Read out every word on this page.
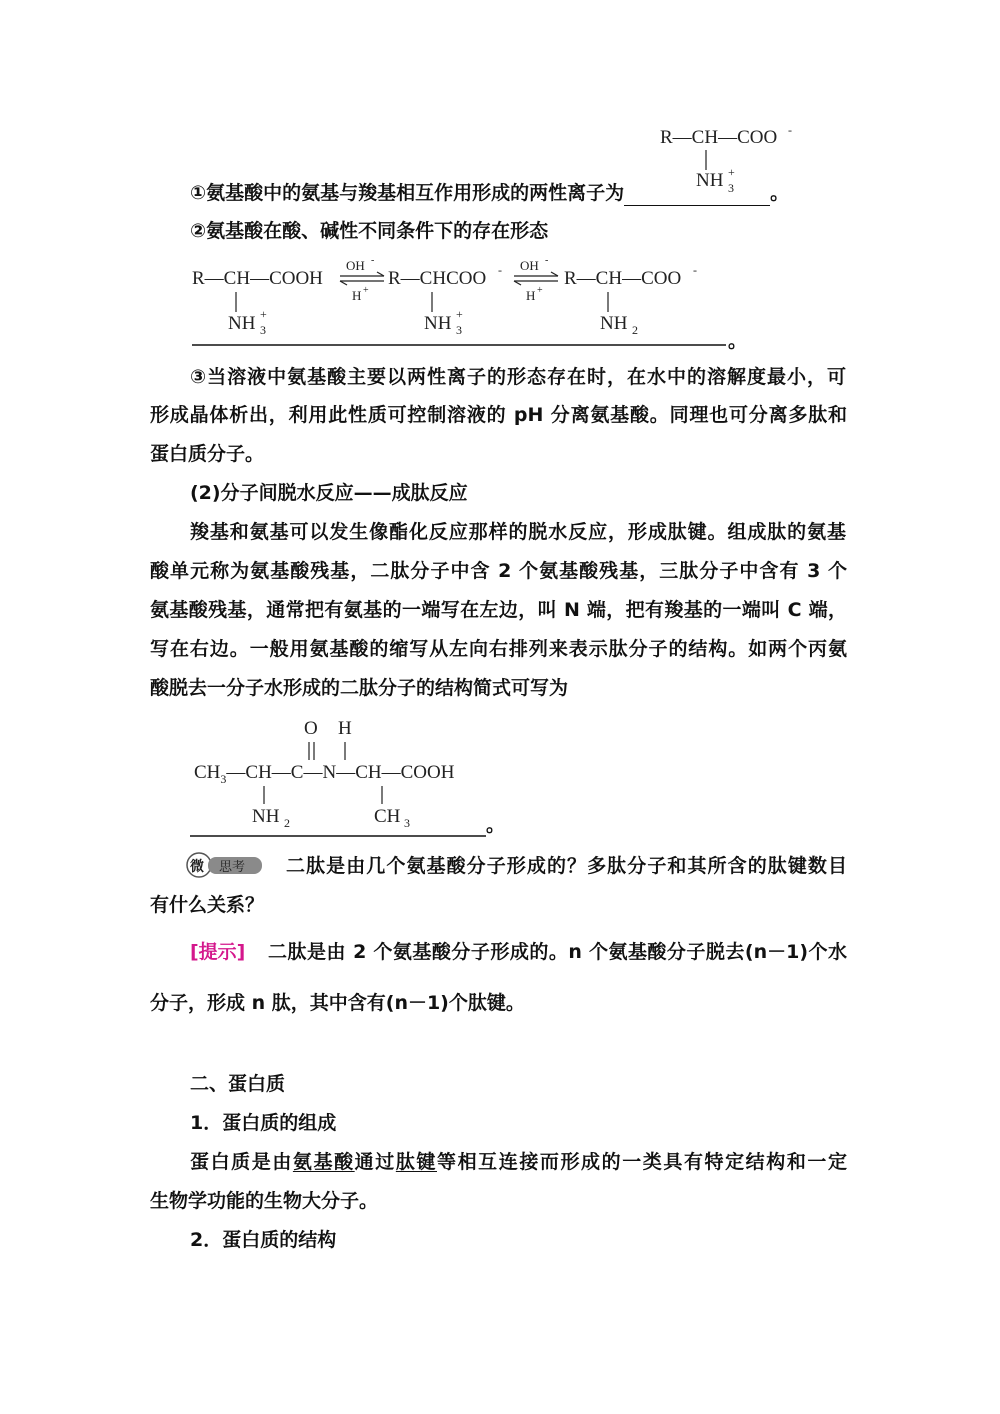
R—CH—COO -
NH 3
+
①氨基酸中的氨基与羧基相互作用形成的两性离子为	。
②氨基酸在酸、碱性不同条件下的存在形态
R—CH—COOH
NH 3
+
OH -
H +
R—CHCOO -
NH 3
+
OH -
H +
R—CH—COO -
NH 2	。
③当溶液中氨基酸主要以两性离子的形态存在时，在水中的溶解度最小，可
形成晶体析出，利用此性质可控制溶液的 pH 分离氨基酸。同理也可分离多肽和
蛋白质分子。
(2)分子间脱水反应——成肽反应
羧基和氨基可以发生像酯化反应那样的脱水反应，形成肽键。组成肽的氨基
酸单元称为氨基酸残基，二肽分子中含 2 个氨基酸残基，三肽分子中含有 3 个
氨基酸残基，通常把有氨基的一端写在左边，叫 N 端，把有羧基的一端叫 C 端，
写在右边。一般用氨基酸的缩写从左向右排列来表示肽分子的结构。如两个丙氨
酸脱去一分子水形成的二肽分子的结构简式可写为
O H
$CH_3—CH—C—N—CH—COOH$
NH 2	CH 3	。
微 思考 二肽是由几个氨基酸分子形成的？多肽分子和其所含的肽键数目
有什么关系？
[提示] 二肽是由 2 个氨基酸分子形成的。n 个氨基酸分子脱去(n－1)个水
分子，形成 n 肽，其中含有(n－1)个肽键。
二、蛋白质
1．蛋白质的组成
蛋白质是由氨基酸通过肽键等相互连接而形成的一类具有特定结构和一定
生物学功能的生物大分子。
2．蛋白质的结构
